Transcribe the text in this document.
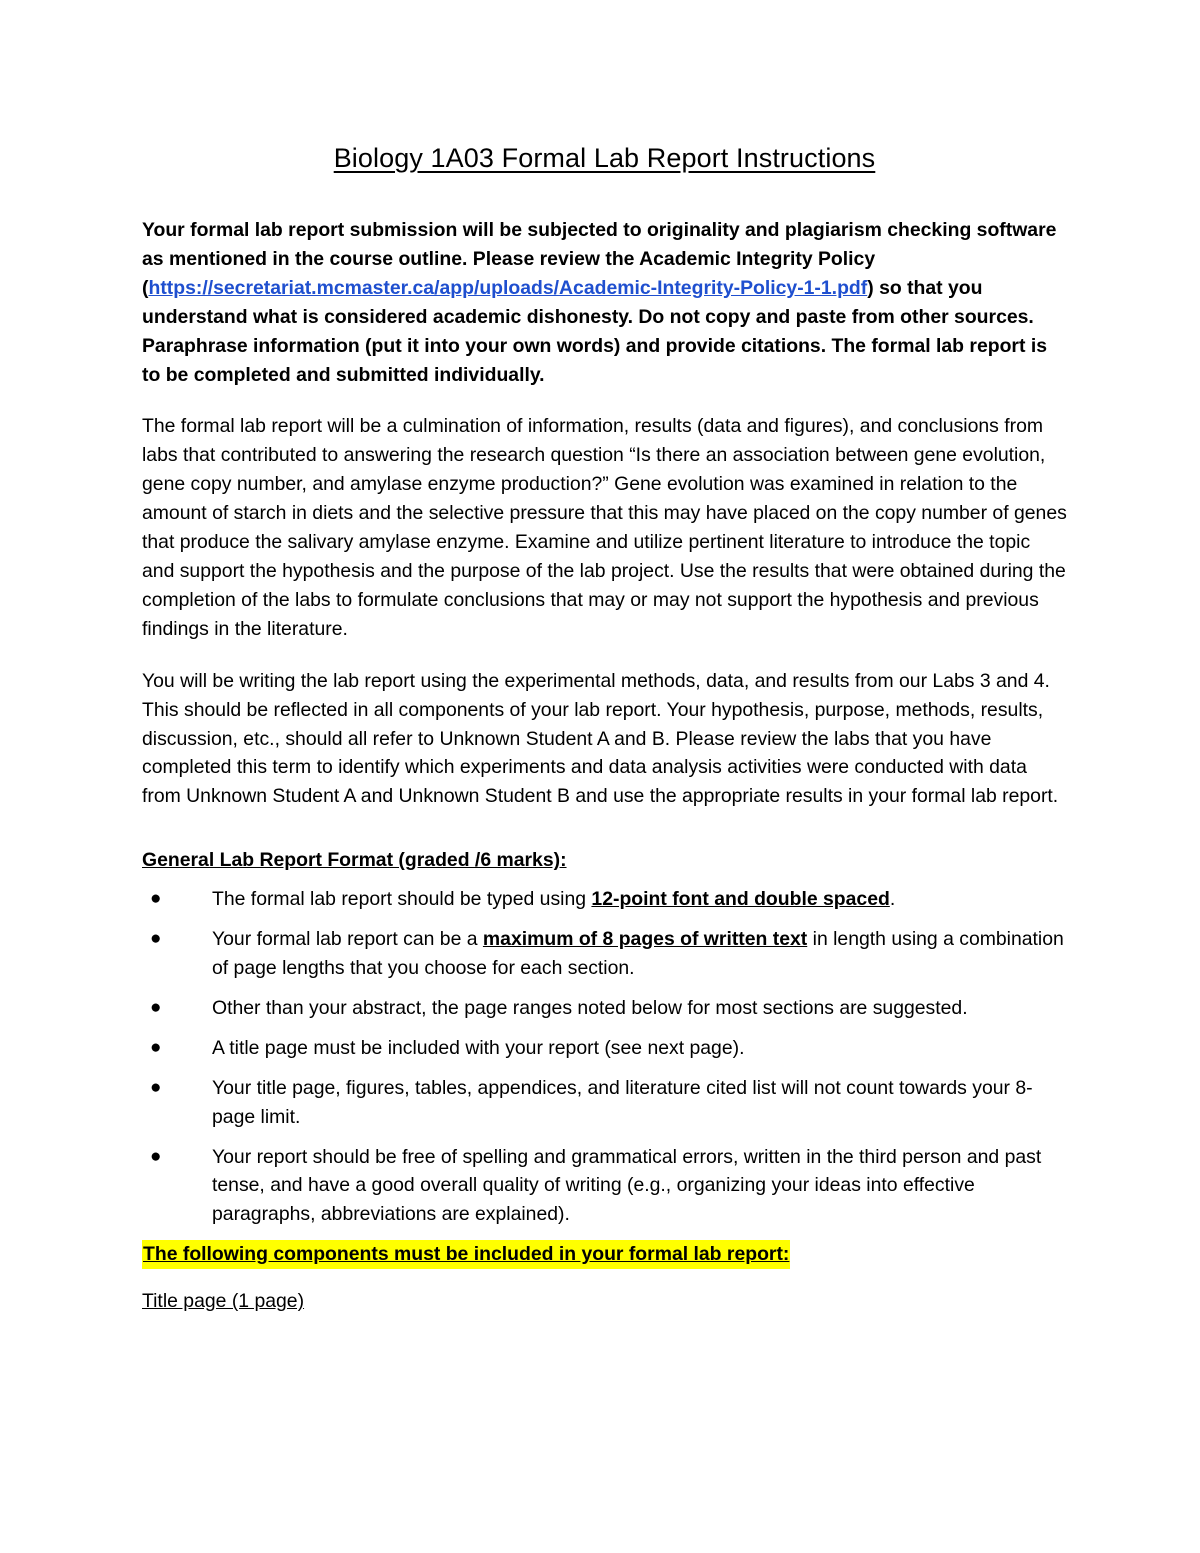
Biology 1A03 Formal Lab Report Instructions

Your formal lab report submission will be subjected to originality and plagiarism checking software as mentioned in the course outline. Please review the Academic Integrity Policy (https://secretariat.mcmaster.ca/app/uploads/Academic-Integrity-Policy-1-1.pdf) so that you understand what is considered academic dishonesty. Do not copy and paste from other sources. Paraphrase information (put it into your own words) and provide citations. The formal lab report is to be completed and submitted individually.

The formal lab report will be a culmination of information, results (data and figures), and conclusions from labs that contributed to answering the research question “Is there an association between gene evolution, gene copy number, and amylase enzyme production?” Gene evolution was examined in relation to the amount of starch in diets and the selective pressure that this may have placed on the copy number of genes that produce the salivary amylase enzyme. Examine and utilize pertinent literature to introduce the topic and support the hypothesis and the purpose of the lab project. Use the results that were obtained during the completion of the labs to formulate conclusions that may or may not support the hypothesis and previous findings in the literature.

You will be writing the lab report using the experimental methods, data, and results from our Labs 3 and 4. This should be reflected in all components of your lab report. Your hypothesis, purpose, methods, results, discussion, etc., should all refer to Unknown Student A and B. Please review the labs that you have completed this term to identify which experiments and data analysis activities were conducted with data from Unknown Student A and Unknown Student B and use the appropriate results in your formal lab report.

General Lab Report Format (graded /6 marks):

●	The formal lab report should be typed using 12-point font and double spaced.
●	Your formal lab report can be a maximum of 8 pages of written text in length using a combination of page lengths that you choose for each section.
●	Other than your abstract, the page ranges noted below for most sections are suggested.
●	A title page must be included with your report (see next page).
●	Your title page, figures, tables, appendices, and literature cited list will not count towards your 8-page limit.
●	Your report should be free of spelling and grammatical errors, written in the third person and past tense, and have a good overall quality of writing (e.g., organizing your ideas into effective paragraphs, abbreviations are explained).
The following components must be included in your formal lab report:

Title page (1 page)
